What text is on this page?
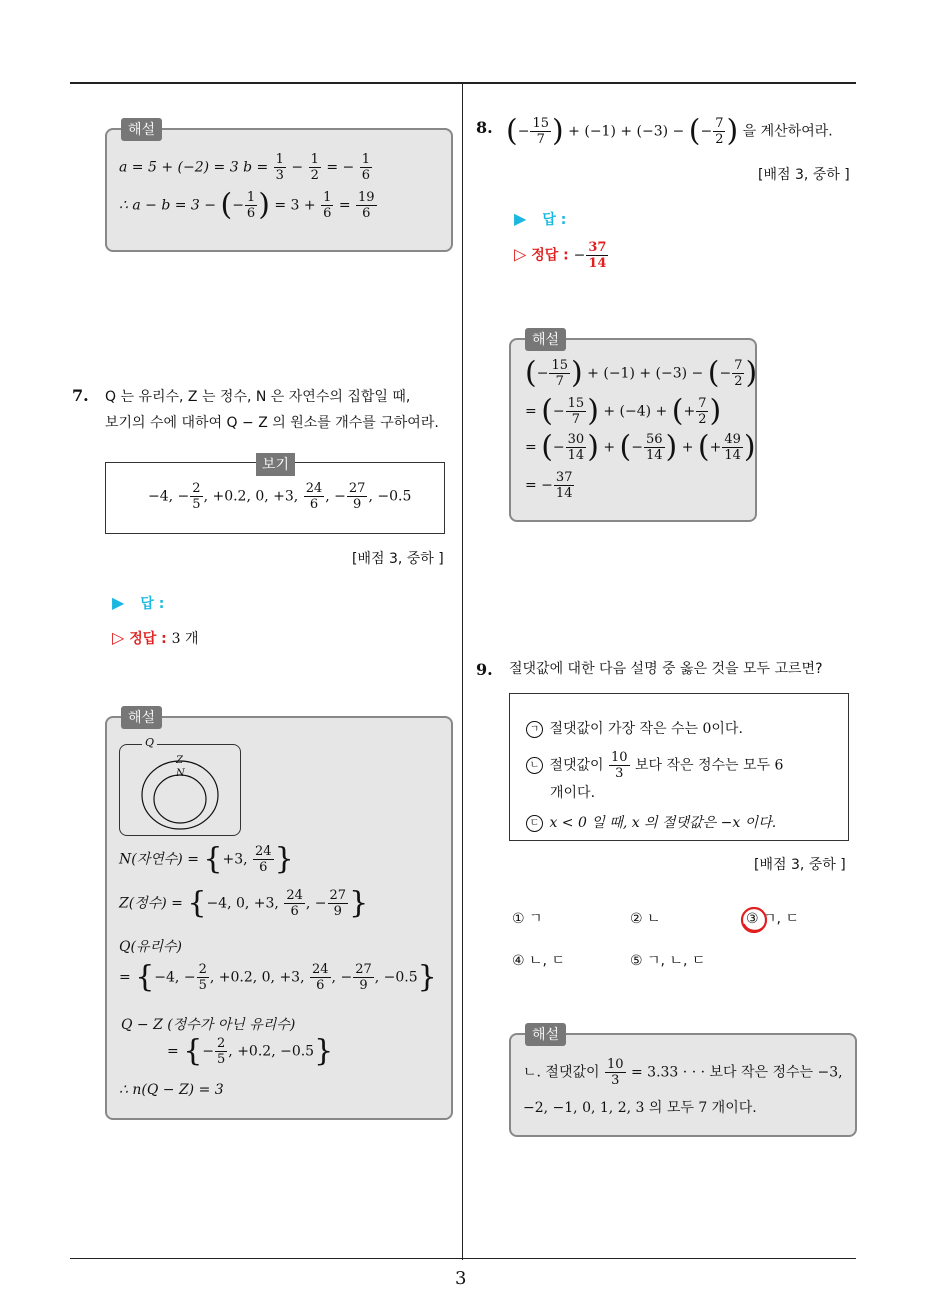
3
해설
a = 5 + (−2) = 3 $b = \frac{1}{3} - \frac{1}{2}$ = − $\frac{1}{6}$
∴ a − b = 3 − (− $\frac{1}{6}$ ) = $3 + \frac{1}{6} = \frac{19}{6}$
7. Q 는 유리수, Z 는 정수, N 은 자연수의 집합일 때,
보기의 수에 대하여 Q − Z 의 원소를 개수를 구하여라.
보기
−4, − $\frac{2}{5}$ , +0.2, 0, +3, $\frac{24}{6}$ , − $\frac{27}{9}$ , −0.5
[배점 3, 중하 ]
▶ 답 :
▷ 정답 : 3 개
해설
Q
Z
N
N(자연수) = {+3, $\frac{24}{6}$ }
Z(정수) = {−4, 0, +3, $\frac{24}{6}$ , − $\frac{27}{9}$ }
Q(유리수)
= {−4, − $\frac{2}{5}$ , +0.2, 0, +3, $\frac{24}{6}$ , − $\frac{27}{9}$ , −0.5}
Q − Z (정수가 아닌 유리수)
= {− $\frac{2}{5}$ , +0.2, −0.5}
∴ n(Q − Z) = 3
8. (− $\frac{15}{7}$ ) + (−1) + (−3) − (− $\frac{7}{2}$ ) 을 계산하여라.
[배점 3, 중하 ]
▶ 답 :
▷ 정답 : − $\frac{37}{14}$
해설
(− $\frac{15}{7}$ ) + (−1) + (−3) − (− $\frac{7}{2}$ )
= (− $\frac{15}{7}$ ) + (−4) + (+ $\frac{7}{2}$ )
= (− $\frac{30}{14}$ ) + (− $\frac{56}{14}$ ) + (+ $\frac{49}{14}$ )
= − $\frac{37}{14}$
9. 절댓값에 대한 다음 설명 중 옳은 것을 모두 고르면?
ㄱ 절댓값이 가장 작은 수는 0이다.
ㄴ 절댓값이 $\frac{10}{3}$ 보다 작은 정수는 모두 6
개이다.
ㄷ x < 0 일 때, x 의 절댓값은 −x 이다.
[배점 3, 중하 ]
① ㄱ	② ㄴ	③ ㄱ, ㄷ
④ ㄴ, ㄷ	⑤ ㄱ, ㄴ, ㄷ
해설
ㄴ. 절댓값이 $\frac{10}{3} = 3.33$ · · · 보다 작은 정수는 −3,
−2, −1, 0, 1, 2, 3 의 모두 7 개이다.
